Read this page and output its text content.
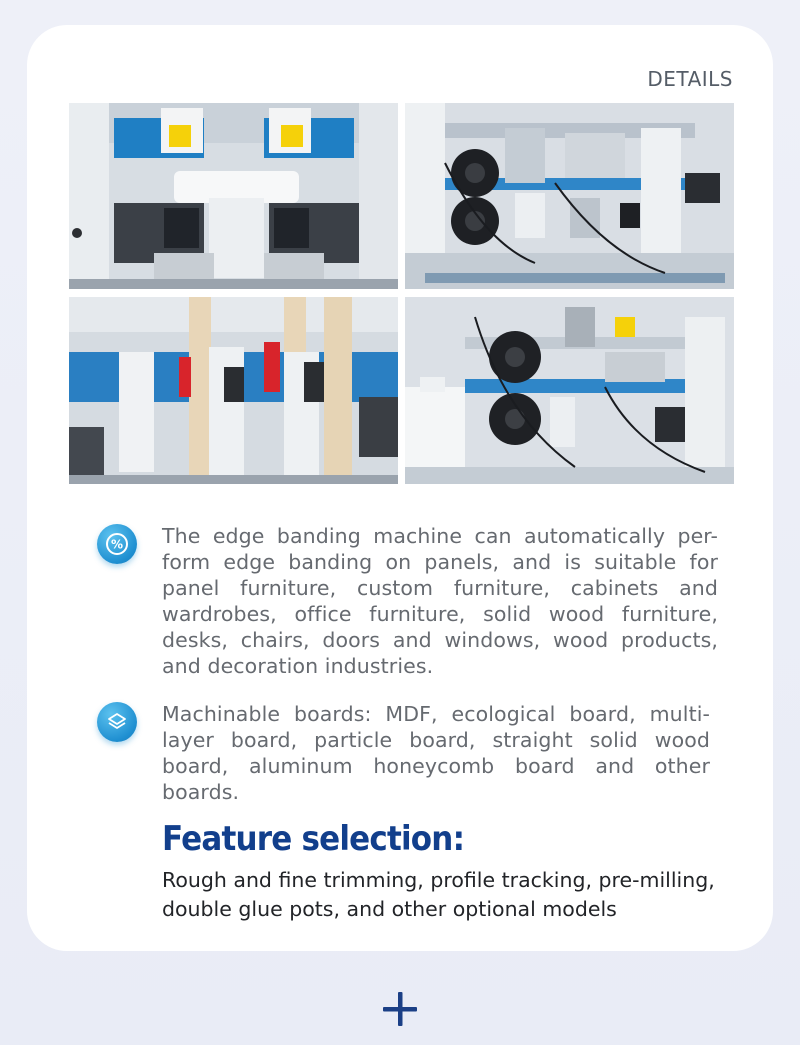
DETAILS
% The edge banding machine can automatically per-form edge banding on panels, and is suitable for panel furniture, custom furniture, cabinets and wardrobes, office furniture, solid wood furniture, desks, chairs, doors and windows, wood products, and decoration industries.
Machinable boards: MDF, ecological board, multi-layer board, particle board, straight solid wood board, aluminum honeycomb board and other boards.
Feature selection:
Rough and fine trimming, profile tracking, pre-milling, double glue pots, and other optional models
